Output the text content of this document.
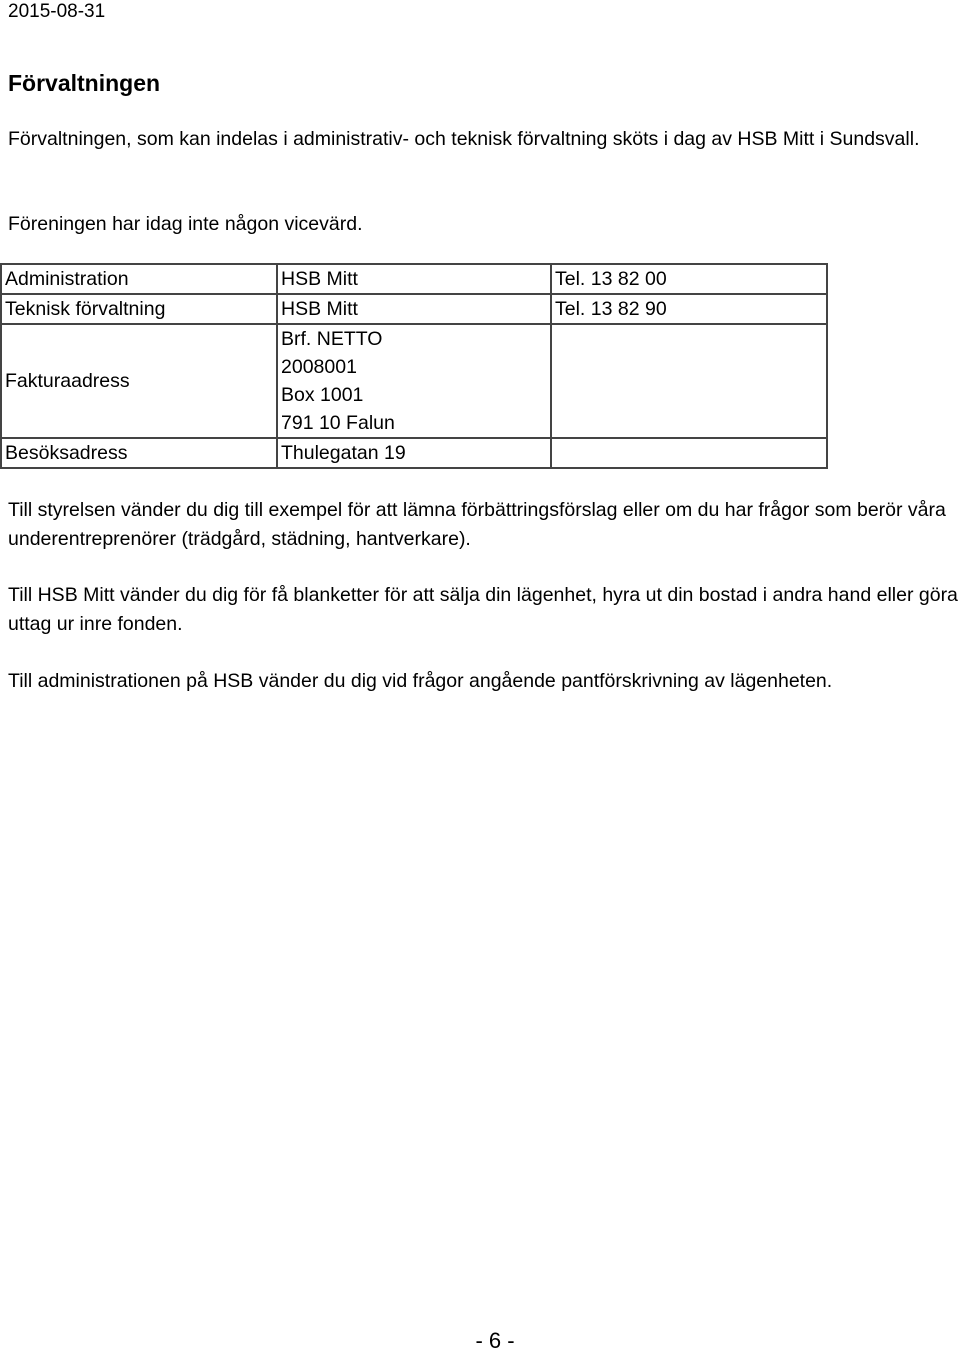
2015-08-31
Förvaltningen
Förvaltningen, som kan indelas i administrativ- och teknisk förvaltning sköts i dag av HSB Mitt i Sundsvall.
Föreningen har idag inte någon vicevärd.
Administration	HSB Mitt	Tel. 13 82 00
Teknisk förvaltning	HSB Mitt	Tel. 13 82 90
Fakturaadress	Brf. NETTO
2008001
Box 1001
791 10 Falun	

Besöksadress	Thulegatan 19	
Till styrelsen vänder du dig till exempel för att lämna förbättringsförslag eller om du har frågor som berör våra underentreprenörer (trädgård, städning, hantverkare).
Till HSB Mitt vänder du dig för få blanketter för att sälja din lägenhet, hyra ut din bostad i andra hand eller göra uttag ur inre fonden.
Till administrationen på HSB vänder du dig vid frågor angående pantförskrivning av lägenheten.
- 6 -
